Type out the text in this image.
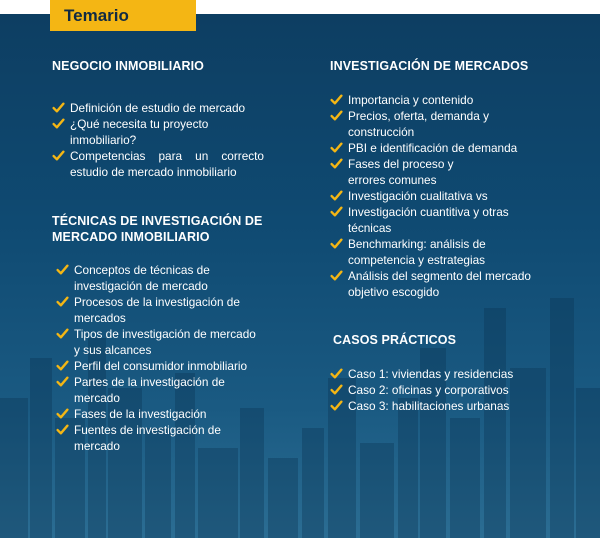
Temario
NEGOCIO INMOBILIARIO
Definición de estudio de mercado
¿Qué necesita tu proyecto inmobiliario?
Competencias para un correcto estudio de mercado inmobiliario
TÉCNICAS DE INVESTIGACIÓN DE
MERCADO INMOBILIARIO
Conceptos de técnicas de investigación de mercado
Procesos de la investigación de mercados
Tipos de investigación de mercado y sus alcances
Perfil del consumidor inmobiliario
Partes de la investigación de mercado
Fases de la investigación
Fuentes de investigación de mercado
INVESTIGACIÓN DE MERCADOS
Importancia y contenido
Precios, oferta, demanda y construcción
PBI e identificación de demanda
Fases del proceso y errores comunes
Investigación cualitativa vs
Investigación cuantitiva y otras técnicas
Benchmarking: análisis de competencia y estrategias
Análisis del segmento del mercado objetivo escogido
CASOS PRÁCTICOS
Caso 1: viviendas y residencias
Caso 2: oficinas y corporativos
Caso 3: habilitaciones urbanas
